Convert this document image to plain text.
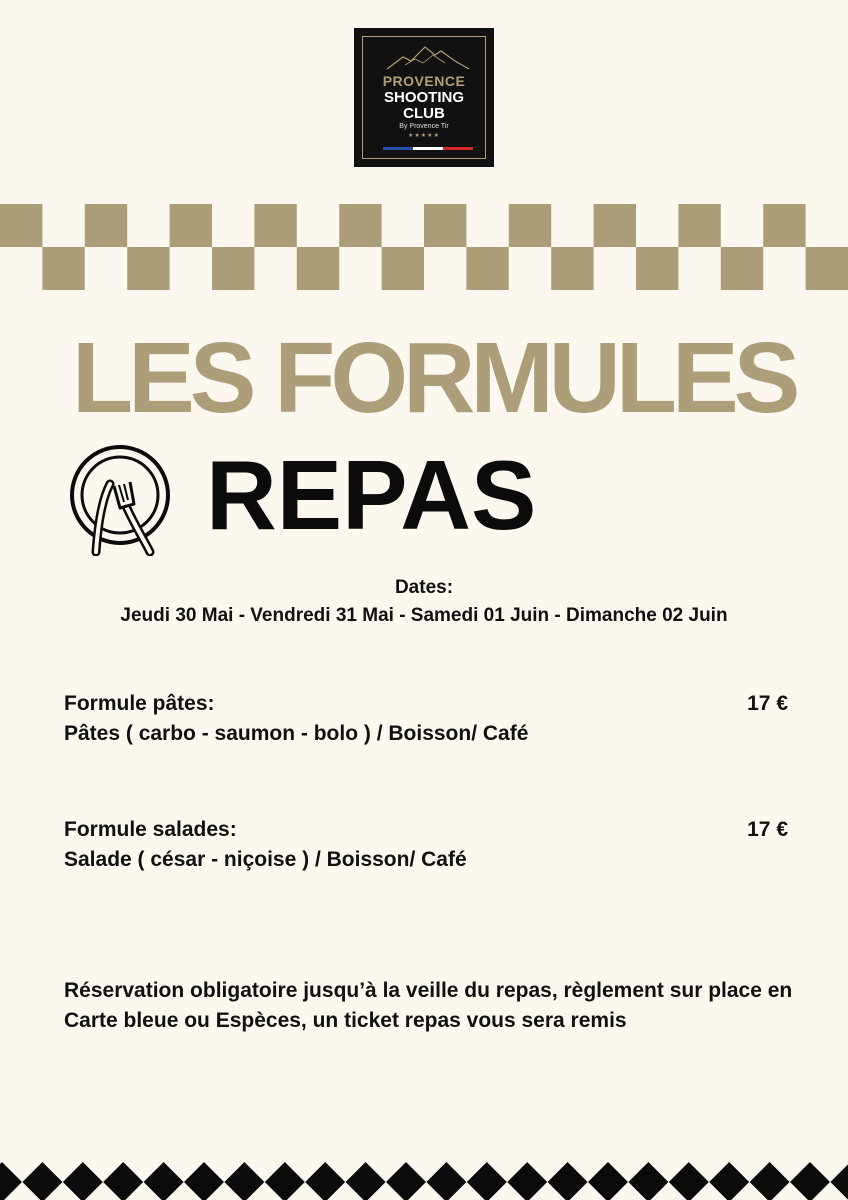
PROVENCE
SHOOTING
CLUB
By Provence Tir
★★★★★
LES FORMULES
REPAS
Dates:
Jeudi 30 Mai - Vendredi 31 Mai - Samedi 01 Juin - Dimanche 02 Juin
Formule pâtes:	17 €
Pâtes ( carbo - saumon - bolo ) / Boisson/ Café
Formule salades:	17 €
Salade ( césar - niçoise ) / Boisson/ Café
Réservation obligatoire jusqu’à la veille du repas, règlement sur place en Carte bleue ou Espèces, un ticket repas vous sera remis
